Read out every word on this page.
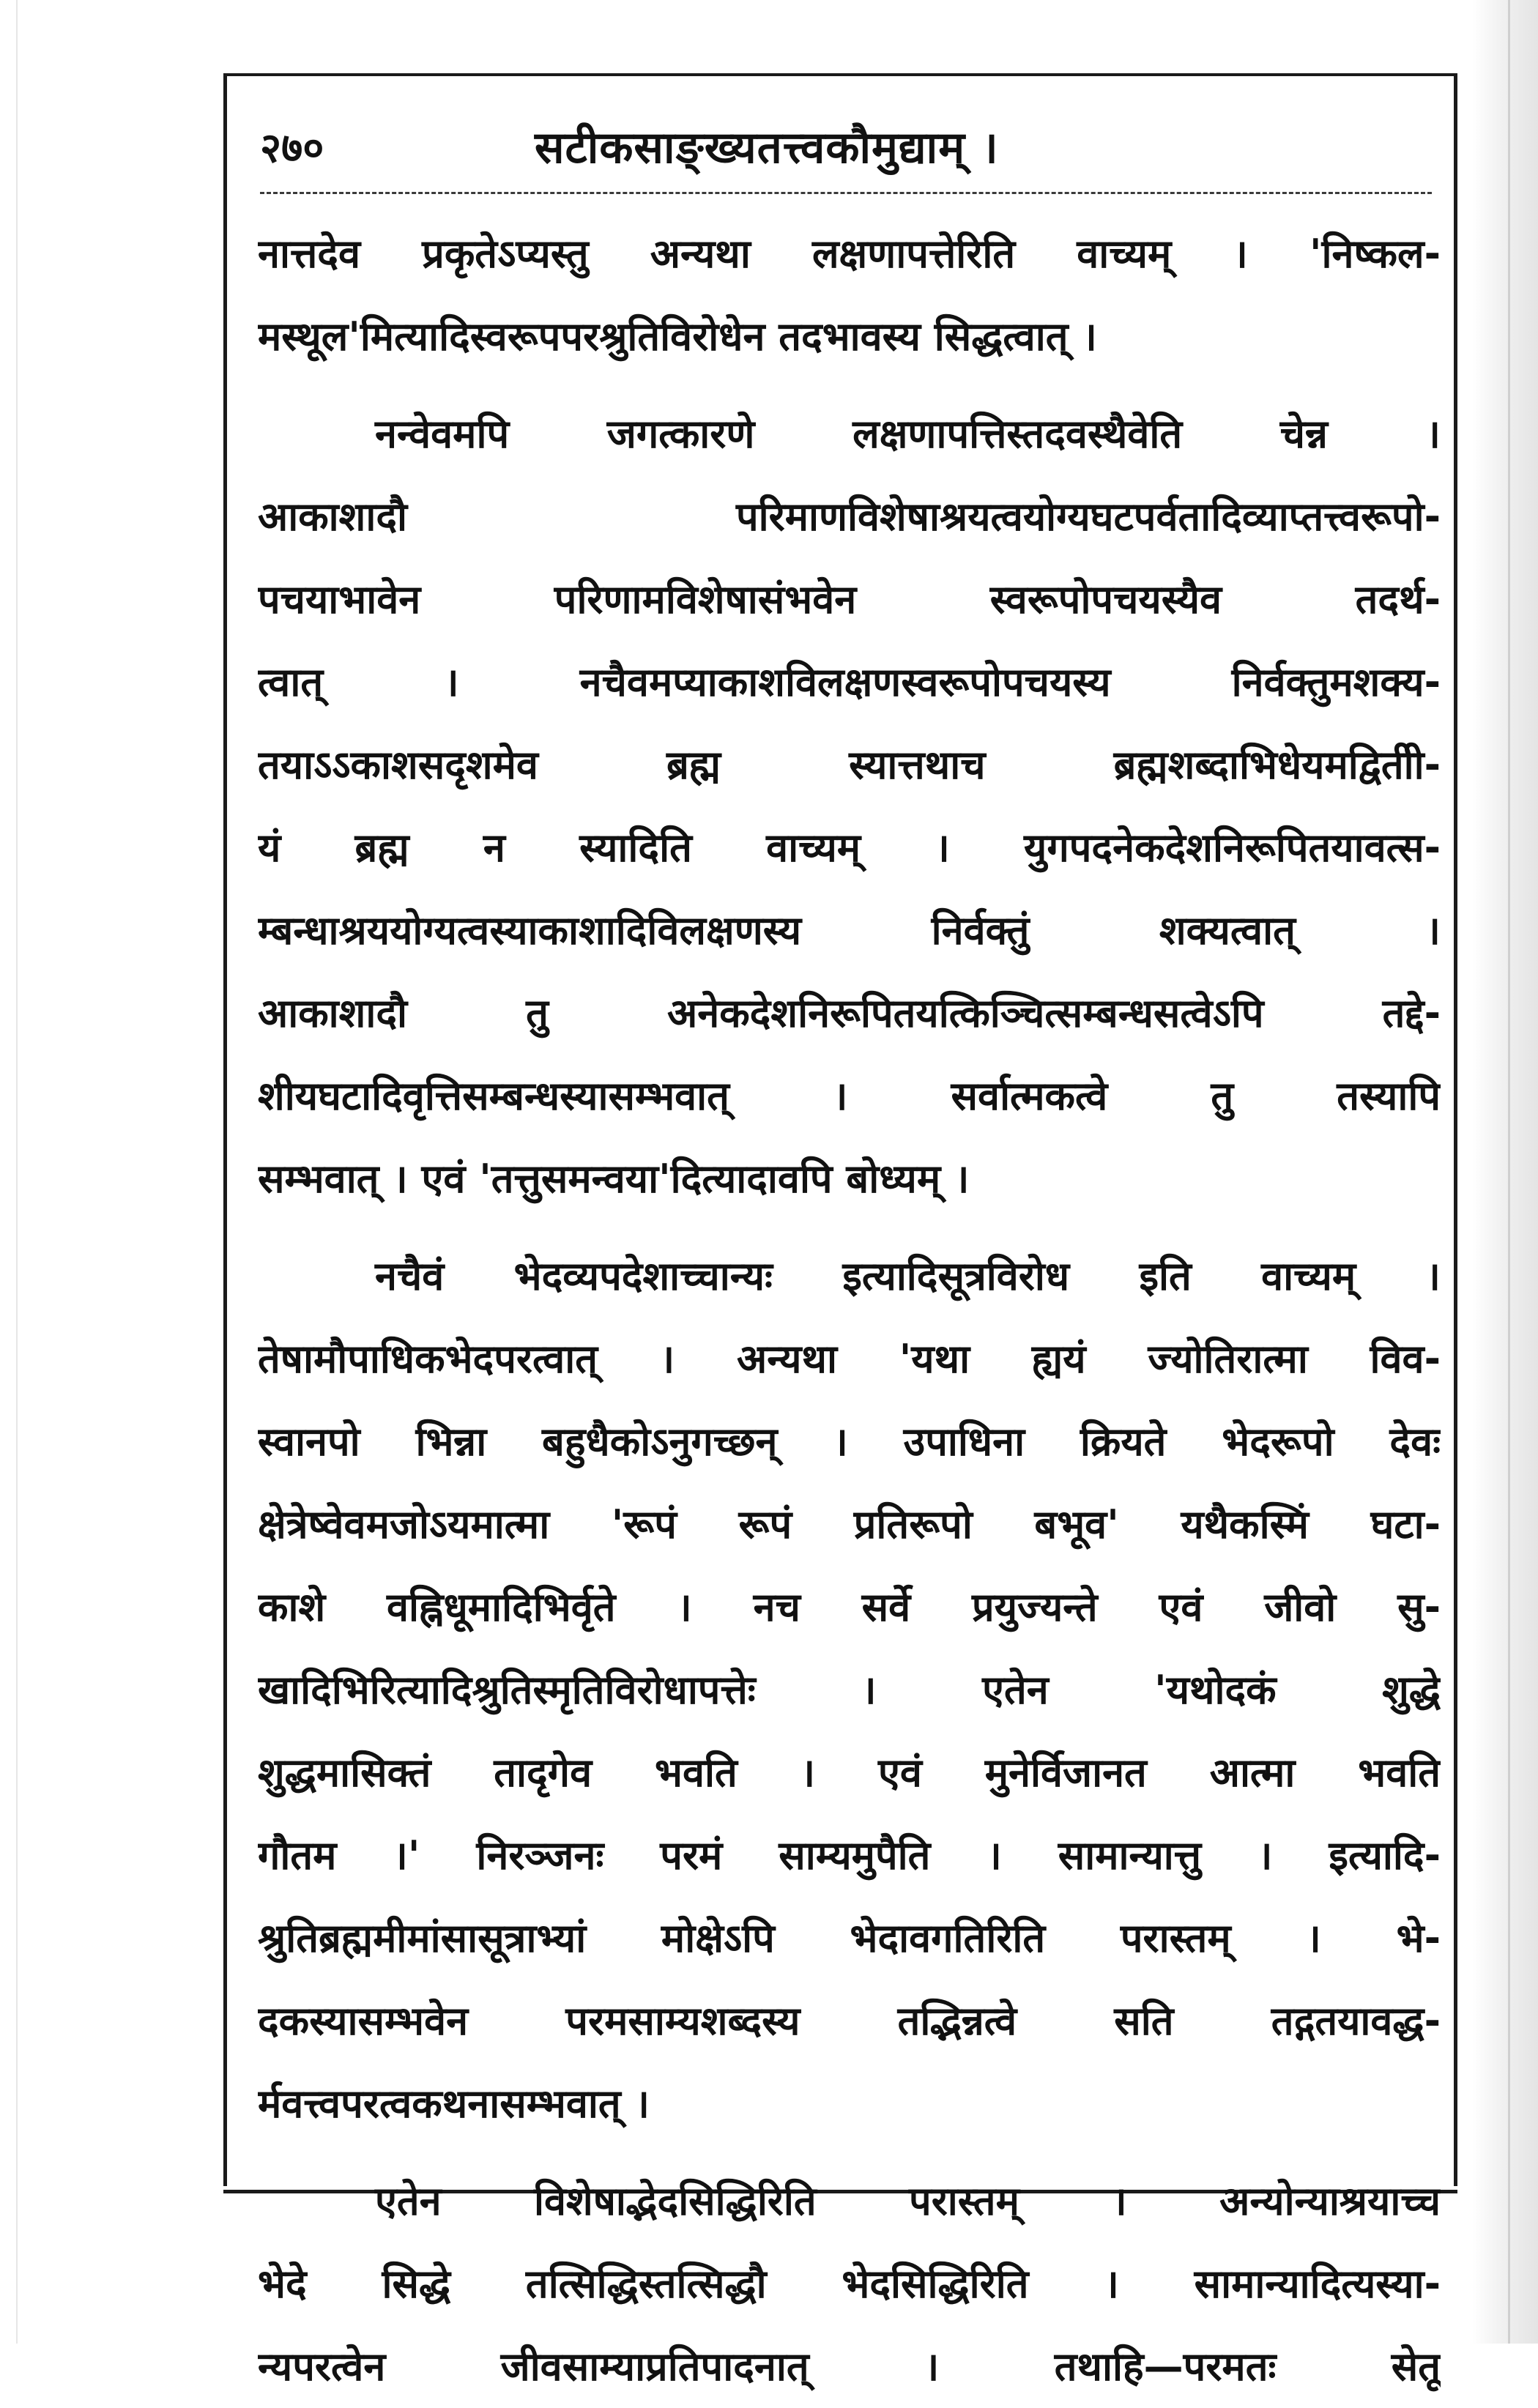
२७०	सटीकसाङ्ख्यतत्त्वकौमुद्याम् ।
नात्तदेव प्रकृतेऽप्यस्तु अन्यथा लक्षणापत्तेरिति वाच्यम् । 'निष्कल-
मस्थूल'मित्यादिस्वरूपपरश्रुतिविरोधेन तदभावस्य सिद्धत्वात् ।
नन्वेवमपि जगत्कारणे लक्षणापत्तिस्तदवस्थैवेति चेन्न ।
आकाशादौ परिमाणविशेषाश्रयत्वयोग्यघटपर्वतादिव्याप्तत्त्वरूपो-
पचयाभावेन परिणामविशेषासंभवेन स्वरूपोपचयस्यैव तदर्थ-
त्वात् । नचैवमप्याकाशविलक्षणस्वरूपोपचयस्य निर्वक्तुमशक्य-
तयाऽऽकाशसदृशमेव ब्रह्म स्यात्तथाच ब्रह्मशब्दाभिधेयमद्वितीी-
यं ब्रह्म न स्यादिति वाच्यम् । युगपदनेकदेशनिरूपितयावत्स-
म्बन्धाश्रययोग्यत्वस्याकाशादिविलक्षणस्य निर्वक्तुं शक्यत्वात् ।
आकाशादौ तु अनेकदेशनिरूपितयत्किञ्चित्सम्बन्धसत्वेऽपि तद्दे-
शीयघटादिवृत्तिसम्बन्धस्यासम्भवात् । सर्वात्मकत्वे तु तस्यापि
सम्भवात् । एवं 'तत्तुसमन्वया'दित्यादावपि बोध्यम् ।
नचैवं भेदव्यपदेशाच्चान्यः इत्यादिसूत्रविरोध इति वाच्यम् ।
तेषामौपाधिकभेदपरत्वात् । अन्यथा 'यथा ह्ययं ज्योतिरात्मा विव-
स्वानपो भिन्ना बहुधैकोऽनुगच्छन् । उपाधिना क्रियते भेदरूपो देवः
क्षेत्रेष्वेवमजोऽयमात्मा 'रूपं रूपं प्रतिरूपो बभूव' यथैकस्मिं घटा-
काशे वह्निधूमादिभिर्वृते । नच सर्वे प्रयुज्यन्ते एवं जीवो सु-
खादिभिरित्यादिश्रुतिस्मृतिविरोधापत्तेः । एतेन 'यथोदकं शुद्धे
शुद्धमासिक्तं तादृगेव भवति । एवं मुनेर्विजानत आत्मा भवति
गौतम ।' निरञ्जनः परमं साम्यमुपैति । सामान्यात्तु । इत्यादि-
श्रुतिब्रह्ममीमांसासूत्राभ्यां मोक्षेऽपि भेदावगतिरिति परास्तम् । भे-
दकस्यासम्भवेन परमसाम्यशब्दस्य तद्भिन्नत्वे सति तद्गतयावद्ध-
र्मवत्त्वपरत्वकथनासम्भवात् ।
एतेन विशेषाद्भेदसिद्धिरिति परास्तम् । अन्योन्याश्रयाच्च
भेदे सिद्धे तत्सिद्धिस्तत्सिद्धौ भेदसिद्धिरिति । सामान्यादित्यस्या-
न्यपरत्वेन जीवसाम्याप्रतिपादनात् । तथाहि—परमतः सेतू
